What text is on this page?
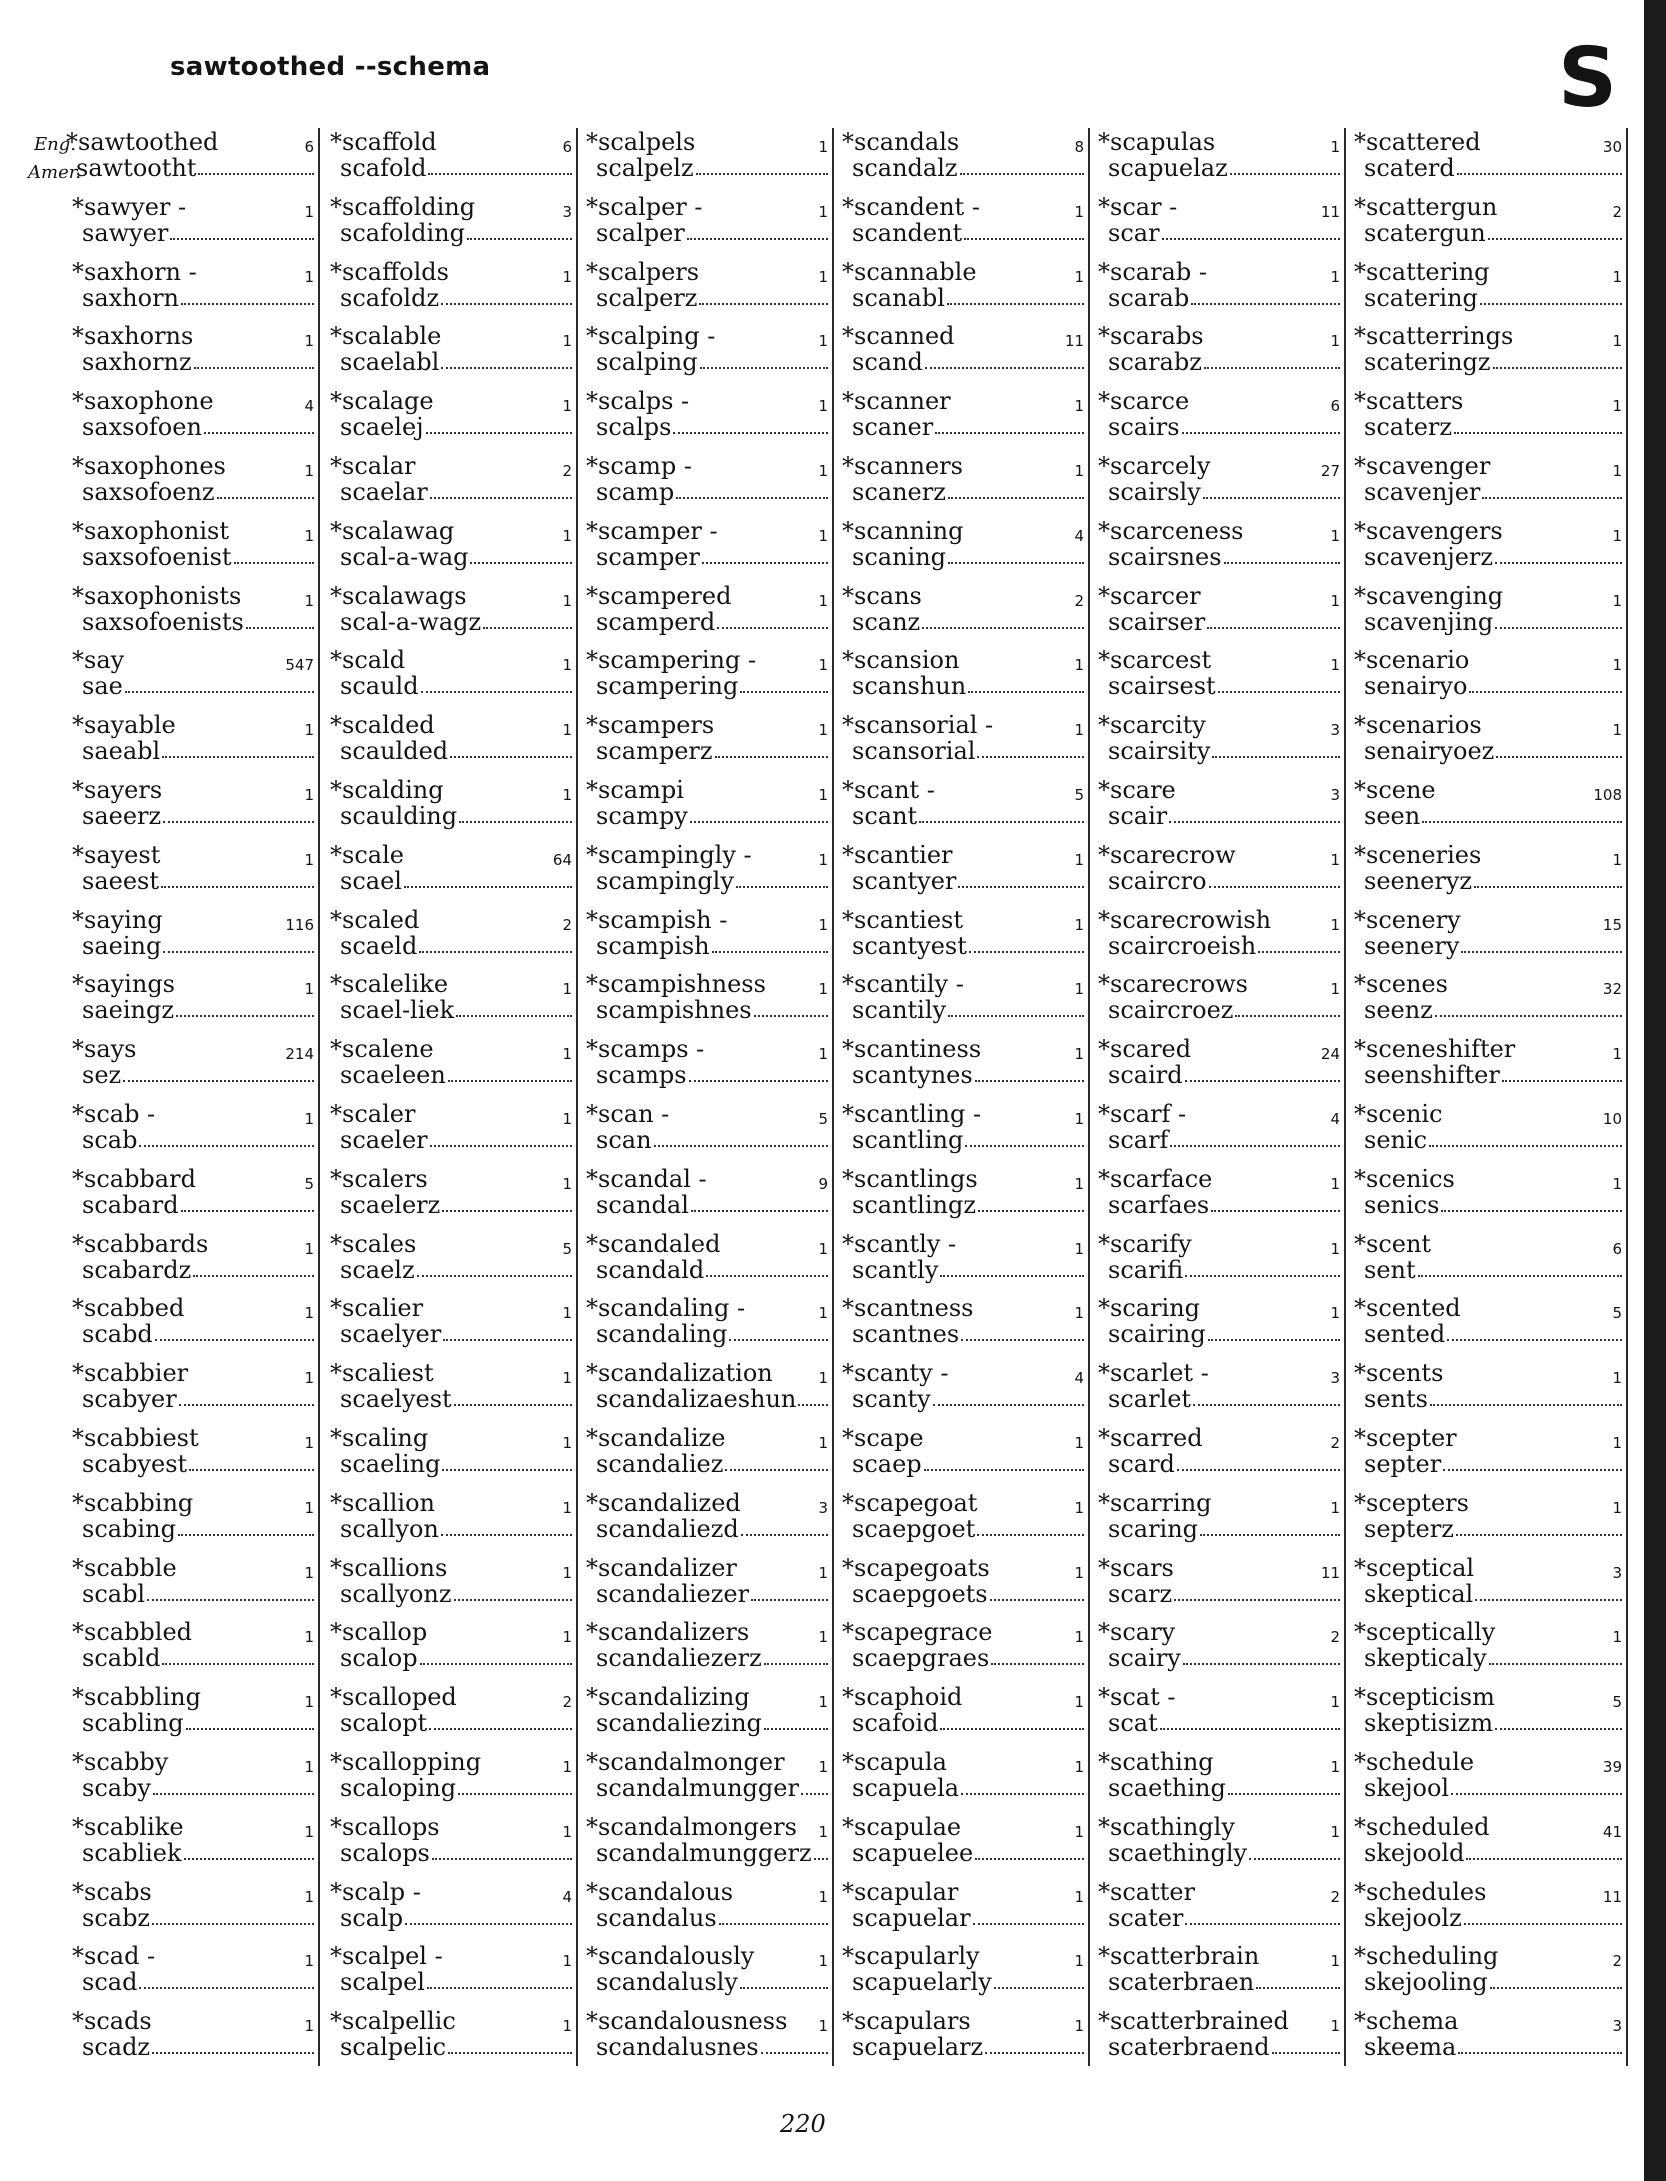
sawtoothed --schema	S
Eng.
Amer.
*sawtoothed	6
sawtootht
*sawyer -	1
sawyer
*saxhorn -	1
saxhorn
*saxhorns	1
saxhornz
*saxophone	4
saxsofoen
*saxophones	1
saxsofoenz
*saxophonist	1
saxsofoenist
*saxophonists	1
saxsofoenists
*say	547
sae
*sayable	1
saeabl
*sayers	1
saeerz
*sayest	1
saeest
*saying	116
saeing
*sayings	1
saeingz
*says	214
sez
*scab -	1
scab
*scabbard	5
scabard
*scabbards	1
scabardz
*scabbed	1
scabd
*scabbier	1
scabyer
*scabbiest	1
scabyest
*scabbing	1
scabing
*scabble	1
scabl
*scabbled	1
scabld
*scabbling	1
scabling
*scabby	1
scaby
*scablike	1
scabliek
*scabs	1
scabz
*scad -	1
scad
*scads	1
scadz
*scaffold	6
scafold
*scaffolding	3
scafolding
*scaffolds	1
scafoldz
*scalable	1
scaelabl
*scalage	1
scaelej
*scalar	2
scaelar
*scalawag	1
scal-a-wag
*scalawags	1
scal-a-wagz
*scald	1
scauld
*scalded	1
scaulded
*scalding	1
scaulding
*scale	64
scael
*scaled	2
scaeld
*scalelike	1
scael-liek
*scalene	1
scaeleen
*scaler	1
scaeler
*scalers	1
scaelerz
*scales	5
scaelz
*scalier	1
scaelyer
*scaliest	1
scaelyest
*scaling	1
scaeling
*scallion	1
scallyon
*scallions	1
scallyonz
*scallop	1
scalop
*scalloped	2
scalopt
*scallopping	1
scaloping
*scallops	1
scalops
*scalp -	4
scalp
*scalpel -	1
scalpel
*scalpellic	1
scalpelic
*scalpels	1
scalpelz
*scalper -	1
scalper
*scalpers	1
scalperz
*scalping -	1
scalping
*scalps -	1
scalps
*scamp -	1
scamp
*scamper -	1
scamper
*scampered	1
scamperd
*scampering -	1
scampering
*scampers	1
scamperz
*scampi	1
scampy
*scampingly -	1
scampingly
*scampish -	1
scampish
*scampishness	1
scampishnes
*scamps -	1
scamps
*scan -	5
scan
*scandal -	9
scandal
*scandaled	1
scandald
*scandaling -	1
scandaling
*scandalization	1
scandalizaeshun
*scandalize	1
scandaliez
*scandalized	3
scandaliezd
*scandalizer	1
scandaliezer
*scandalizers	1
scandaliezerz
*scandalizing	1
scandaliezing
*scandalmonger 1
scandalmungger
*scandalmongers 1
scandalmunggerz
*scandalous	1
scandalus
*scandalously	1
scandalusly
*scandalousness 1
scandalusnes
*scandals	8
scandalz
*scandent -	1
scandent
*scannable	1
scanabl
*scanned	11
scand
*scanner	1
scaner
*scanners	1
scanerz
*scanning	4
scaning
*scans	2
scanz
*scansion	1
scanshun
*scansorial -	1
scansorial
*scant -	5
scant
*scantier	1
scantyer
*scantiest	1
scantyest
*scantily -	1
scantily
*scantiness	1
scantynes
*scantling -	1
scantling
*scantlings	1
scantlingz
*scantly -	1
scantly
*scantness	1
scantnes
*scanty -	4
scanty
*scape	1
scaep
*scapegoat	1
scaepgoet
*scapegoats	1
scaepgoets
*scapegrace	1
scaepgraes
*scaphoid	1
scafoid
*scapula	1
scapuela
*scapulae	1
scapuelee
*scapular	1
scapuelar
*scapularly	1
scapuelarly
*scapulars	1
scapuelarz
*scapulas	1
scapuelaz
*scar -	11
scar
*scarab -	1
scarab
*scarabs	1
scarabz
*scarce	6
scairs
*scarcely	27
scairsly
*scarceness	1
scairsnes
*scarcer	1
scairser
*scarcest	1
scairsest
*scarcity	3
scairsity
*scare	3
scair
*scarecrow	1
scaircro
*scarecrowish	1
scaircroeish
*scarecrows	1
scaircroez
*scared	24
scaird
*scarf -	4
scarf
*scarface	1
scarfaes
*scarify	1
scarifi
*scaring	1
scairing
*scarlet -	3
scarlet
*scarred	2
scard
*scarring	1
scaring
*scars	11
scarz
*scary	2
scairy
*scat -	1
scat
*scathing	1
scaething
*scathingly	1
scaethingly
*scatter	2
scater
*scatterbrain	1
scaterbraen
*scatterbrained	1
scaterbraend
*scattered	30
scaterd
*scattergun	2
scatergun
*scattering	1
scatering
*scatterrings	1
scateringz
*scatters	1
scaterz
*scavenger	1
scavenjer
*scavengers	1
scavenjerz
*scavenging	1
scavenjing
*scenario	1
senairyo
*scenarios	1
senairyoez
*scene	108
seen
*sceneries	1
seeneryz
*scenery	15
seenery
*scenes	32
seenz
*sceneshifter	1
seenshifter
*scenic	10
senic
*scenics	1
senics
*scent	6
sent
*scented	5
sented
*scents	1
sents
*scepter	1
septer
*scepters	1
septerz
*sceptical	3
skeptical
*sceptically	1
skepticaly
*scepticism	5
skeptisizm
*schedule	39
skejool
*scheduled	41
skejoold
*schedules	11
skejoolz
*scheduling	2
skejooling
*schema	3
skeema
220
